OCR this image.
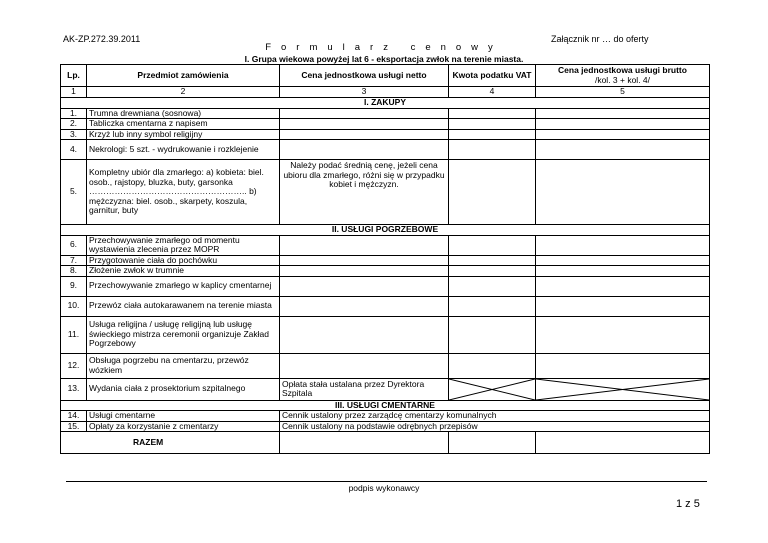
AK-ZP.272.39.2011	Załącznik nr … do oferty
Formularz cenowy
I. Grupa wiekowa powyżej lat 6 - eksportacja zwłok na terenie miasta.
Lp.	Przedmiot zamówienia	Cena jednostkowa usługi netto	Kwota podatku VAT	Cena jednostkowa usługi brutto
/kol. 3 + kol. 4/

1	2	3	4	5
I. ZAKUPY				
1.	Trumna drewniana (sosnowa)			
2.	Tabliczka cmentarna z napisem			
3.	Krzyż lub inny symbol religijny			
4.	Nekrologi: 5 szt. - wydrukowanie i rozklejenie			
5.	Kompletny ubiór dla zmarłego: a) kobieta: biel. osob., rajstopy, bluzka, buty, garsonka ……………………………………………….. b) mężczyzna: biel. osob., skarpety, koszula, garnitur, buty	Należy podać średnią cenę, jeżeli cena ubioru dla zmarłego, różni się w przypadku kobiet i mężczyzn.		
II. USŁUGI POGRZEBOWE				
6.	Przechowywanie zmarłego od momentu wystawienia zlecenia przez MOPR			
7.	Przygotowanie ciała do pochówku			
8.	Złożenie zwłok w trumnie			
9.	Przechowywanie zmarłego w kaplicy cmentarnej			
10.	Przewóz ciała autokarawanem na terenie miasta			
11.	Usługa religijna / usługę religijną lub usługę świeckiego mistrza ceremonii organizuje Zakład Pogrzebowy			
12.	Obsługa pogrzebu na cmentarzu, przewóz wózkiem			
13.	Wydania ciała z prosektorium szpitalnego	Opłata stała ustalana przez Dyrektora Szpitala	

III. USŁUGI CMENTARNE				
14.	Usługi cmentarne	Cennik ustalony przez zarządcę cmentarzy komunalnych		
15.	Opłaty za korzystanie z cmentarzy	Cennik ustalony na podstawie odrębnych przepisów		
RAZEM				
podpis wykonawcy
1 z 5
